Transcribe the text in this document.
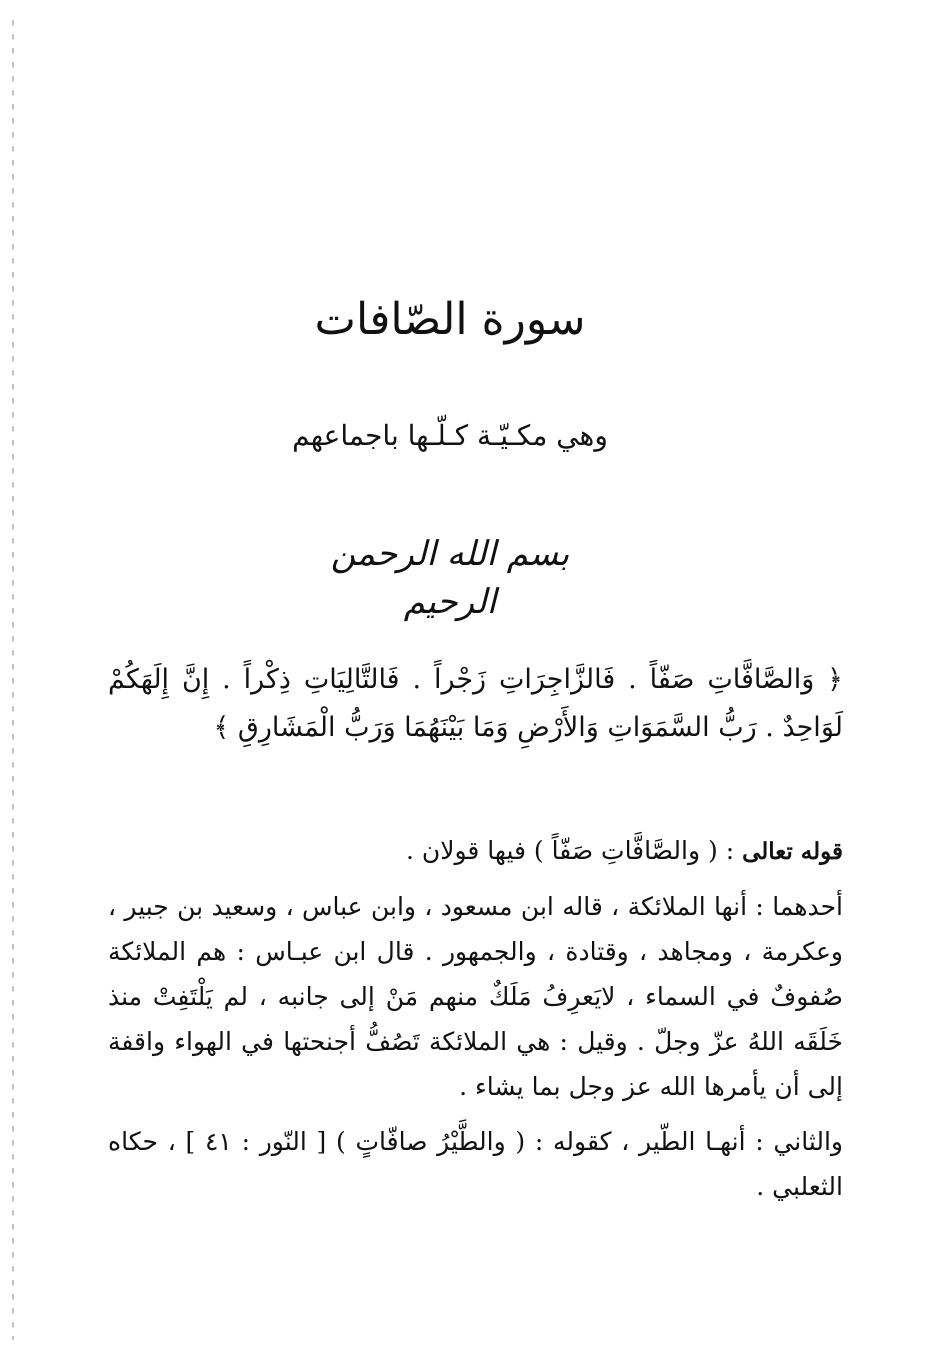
سورة الصّافات
وهي مكـيّـة كـلّـها باجماعهم
بسم الله الرحمن الرحيم
﴿ وَالصَّافَّاتِ صَفّاً . فَالزَّاجِرَاتِ زَجْراً . فَالتَّالِيَاتِ ذِكْراً . إِنَّ إِلَهَكُمْ لَوَاحِدٌ . رَبُّ السَّمَوَاتِ وَالأَرْضِ وَمَا بَيْنَهُمَا وَرَبُّ الْمَشَارِقِ ﴾

قوله تعالى : ( والصَّافَّاتِ صَفّاً ) فيها قولان .

أحدهما : أنها الملائكة ، قاله ابن مسعود ، وابن عباس ، وسعيد بن جبير ، وعكرمة ، ومجاهد ، وقتادة ، والجمهور . قال ابن عبـاس : هم الملائكة صُفوفٌ في السماء ، لايَعرِفُ مَلَكٌ منهم مَنْ إلى جانبه ، لم يَلْتَفِتْ منذ خَلَقَه اللهُ عزّ وجلّ . وقيل : هي الملائكة تَصُفُّ أجنحتها في الهواء واقفة إلى أن يأمرها الله عز وجل بما يشاء .

والثاني : أنهـا الطّير ، كقوله : ( والطَّيْرُ صافّاتٍ ) [ النّور : ٤١ ] ، حكاه الثعلبي .
